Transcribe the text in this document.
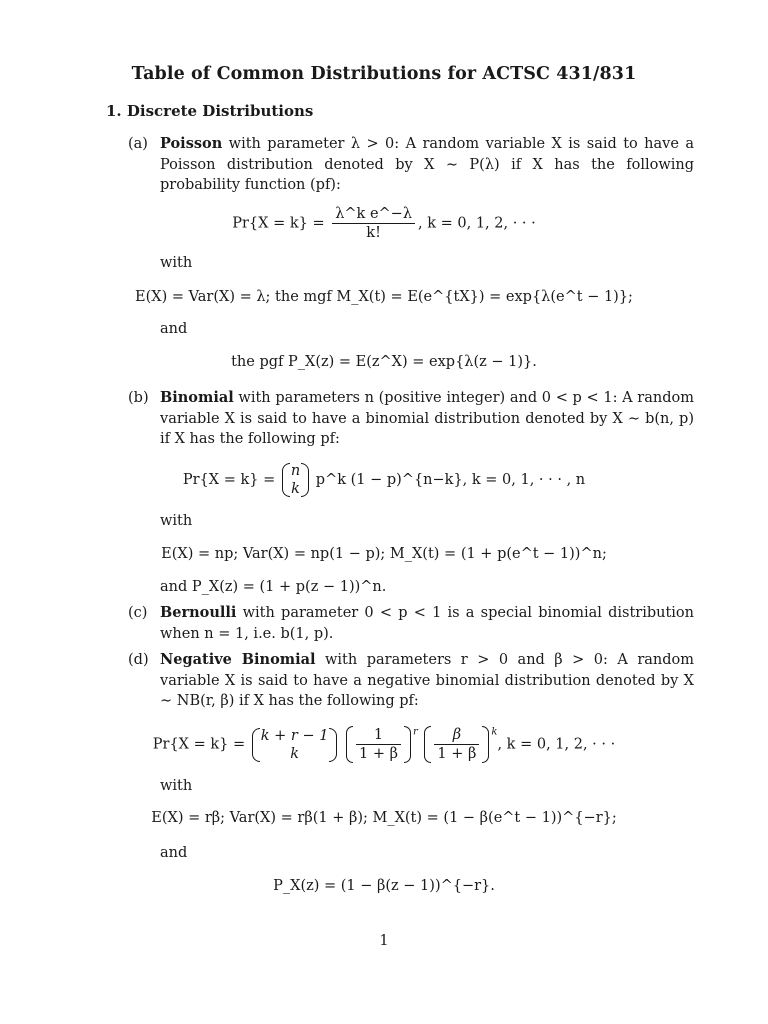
Table of Common Distributions for ACTSC 431/831
1. Discrete Distributions
(a) Poisson with parameter λ > 0: A random variable X is said to have a Poisson distribution denoted by X ∼ P(λ) if X has the following probability function (pf):
$Pr\{X = k\} = \frac{\text{λ\textasciicircum{}k e\textasciicircum{}−λ}}{k!}$ , k = 0, 1, 2, · · ·
with
E(X) = Var(X) = λ; the mgf M_X(t) = E(e^{tX}) = exp{λ(e^t − 1)};
and
the pgf P_X(z) = E(z^X) = exp{λ(z − 1)}.
(b) Binomial with parameters n (positive integer) and 0 < p < 1: A random variable X is said to have a binomial distribution denoted by X ∼ b(n, p) if X has the following pf:
Pr{X = k} =
n
k
p^k (1 − p)^{n−k}, k = 0, 1, · · · , n
with
E(X) = np; Var(X) = np(1 − p); M_X(t) = (1 + p(e^t − 1))^n;
and P_X(z) = (1 + p(z − 1))^n.
(c) Bernoulli with parameter 0 < p < 1 is a special binomial distribution when n = 1, i.e. b(1, p).
(d) Negative Binomial with parameters r > 0 and β > 0: A random variable X is said to have a negative binomial distribution denoted by X ∼ NB(r, β) if X has the following pf:
Pr{X = k} =
k + r − 1
k
	$\frac{1}{1 + \beta} ^r \frac{\beta}{1 + \beta} ^k$, k = 0, 1, 2, · · ·
with
E(X) = rβ; Var(X) = rβ(1 + β); M_X(t) = (1 − β(e^t − 1))^{−r};
and
P_X(z) = (1 − β(z − 1))^{−r}.
1
